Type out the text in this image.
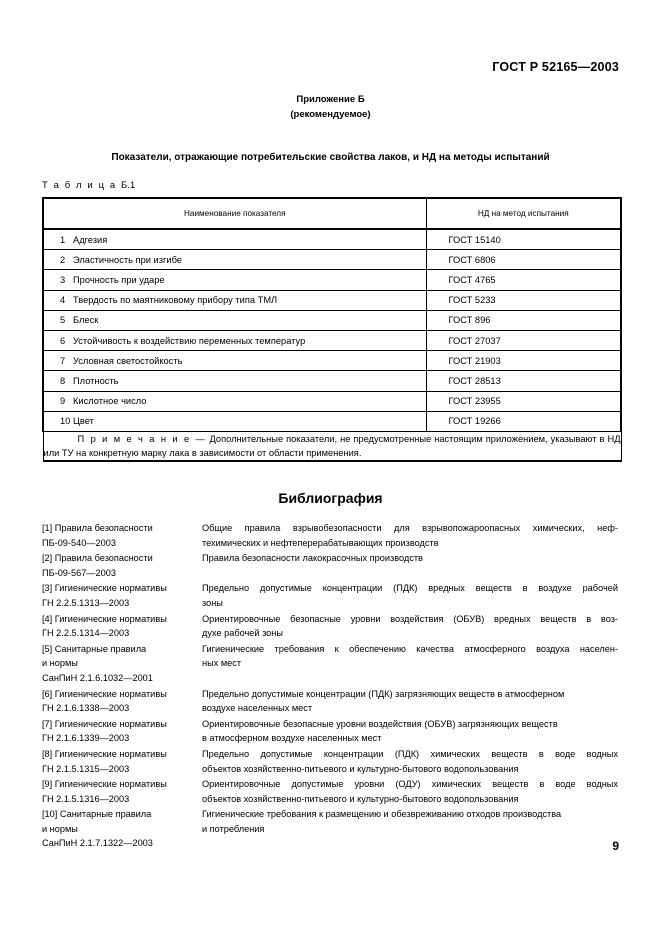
ГОСТ Р 52165—2003
Приложение Б
(рекомендуемое)
Показатели, отражающие потребительские свойства лаков, и НД на методы испытаний
Т а б л и ц а Б.1
Наименование показателя	НД на метод испытания
1 Адгезия	ГОСТ 15140
2 Эластичность при изгибе	ГОСТ 6806
3 Прочность при ударе	ГОСТ 4765
4 Твердость по маятниковому прибору типа ТМЛ	ГОСТ 5233
5 Блеск	ГОСТ 896
6 Устойчивость к воздействию переменных температур	ГОСТ 27037
7 Условная светостойкость	ГОСТ 21903
8 Плотность	ГОСТ 28513
9 Кислотное число	ГОСТ 23955
10 Цвет	ГОСТ 19266
П р и м е ч а н и е — Дополнительные показатели, не предусмотренные настоящим приложением, указывают в НД или ТУ на конкретную марку лака в зависимости от области применения.	
Библиография
[1] Правила безопасности
ПБ-09-540—2003
Общие правила взрывобезопасности для взрывопожароопасных химических, неф-
техимических и нефтеперерабатывающих производств
[2] Правила безопасности
ПБ-09-567—2003
Правила безопасности лакокрасочных производств
[3] Гигиенические нормативы
ГН 2.2.5.1313—2003
Предельно допустимые концентрации (ПДК) вредных веществ в воздухе рабочей
зоны
[4] Гигиенические нормативы
ГН 2.2.5.1314—2003
Ориентировочные безопасные уровни воздействия (ОБУВ) вредных веществ в воз-
духе рабочей зоны
[5] Санитарные правила
и нормы
СанПиН 2.1.6.1032—2001
Гигиенические требования к обеспечению качества атмосферного воздуха населен-
ных мест
[6] Гигиенические нормативы
ГН 2.1.6.1338—2003
Предельно допустимые концентрации (ПДК) загрязняющих веществ в атмосферном
воздухе населенных мест
[7] Гигиенические нормативы
ГН 2.1.6.1339—2003
Ориентировочные безопасные уровни воздействия (ОБУВ) загрязняющих веществ
в атмосферном воздухе населенных мест
[8] Гигиенические нормативы
ГН 2.1.5.1315—2003
Предельно допустимые концентрации (ПДК) химических веществ в воде водных
объектов хозяйственно-питьевого и культурно-бытового водопользования
[9] Гигиенические нормативы
ГН 2.1.5.1316—2003
Ориентировочные допустимые уровни (ОДУ) химических веществ в воде водных
объектов хозяйственно-питьевого и культурно-бытового водопользования
[10] Санитарные правила
и нормы
СанПиН 2.1.7.1322—2003
Гигиенические требования к размещению и обезвреживанию отходов производства
и потребления
9
